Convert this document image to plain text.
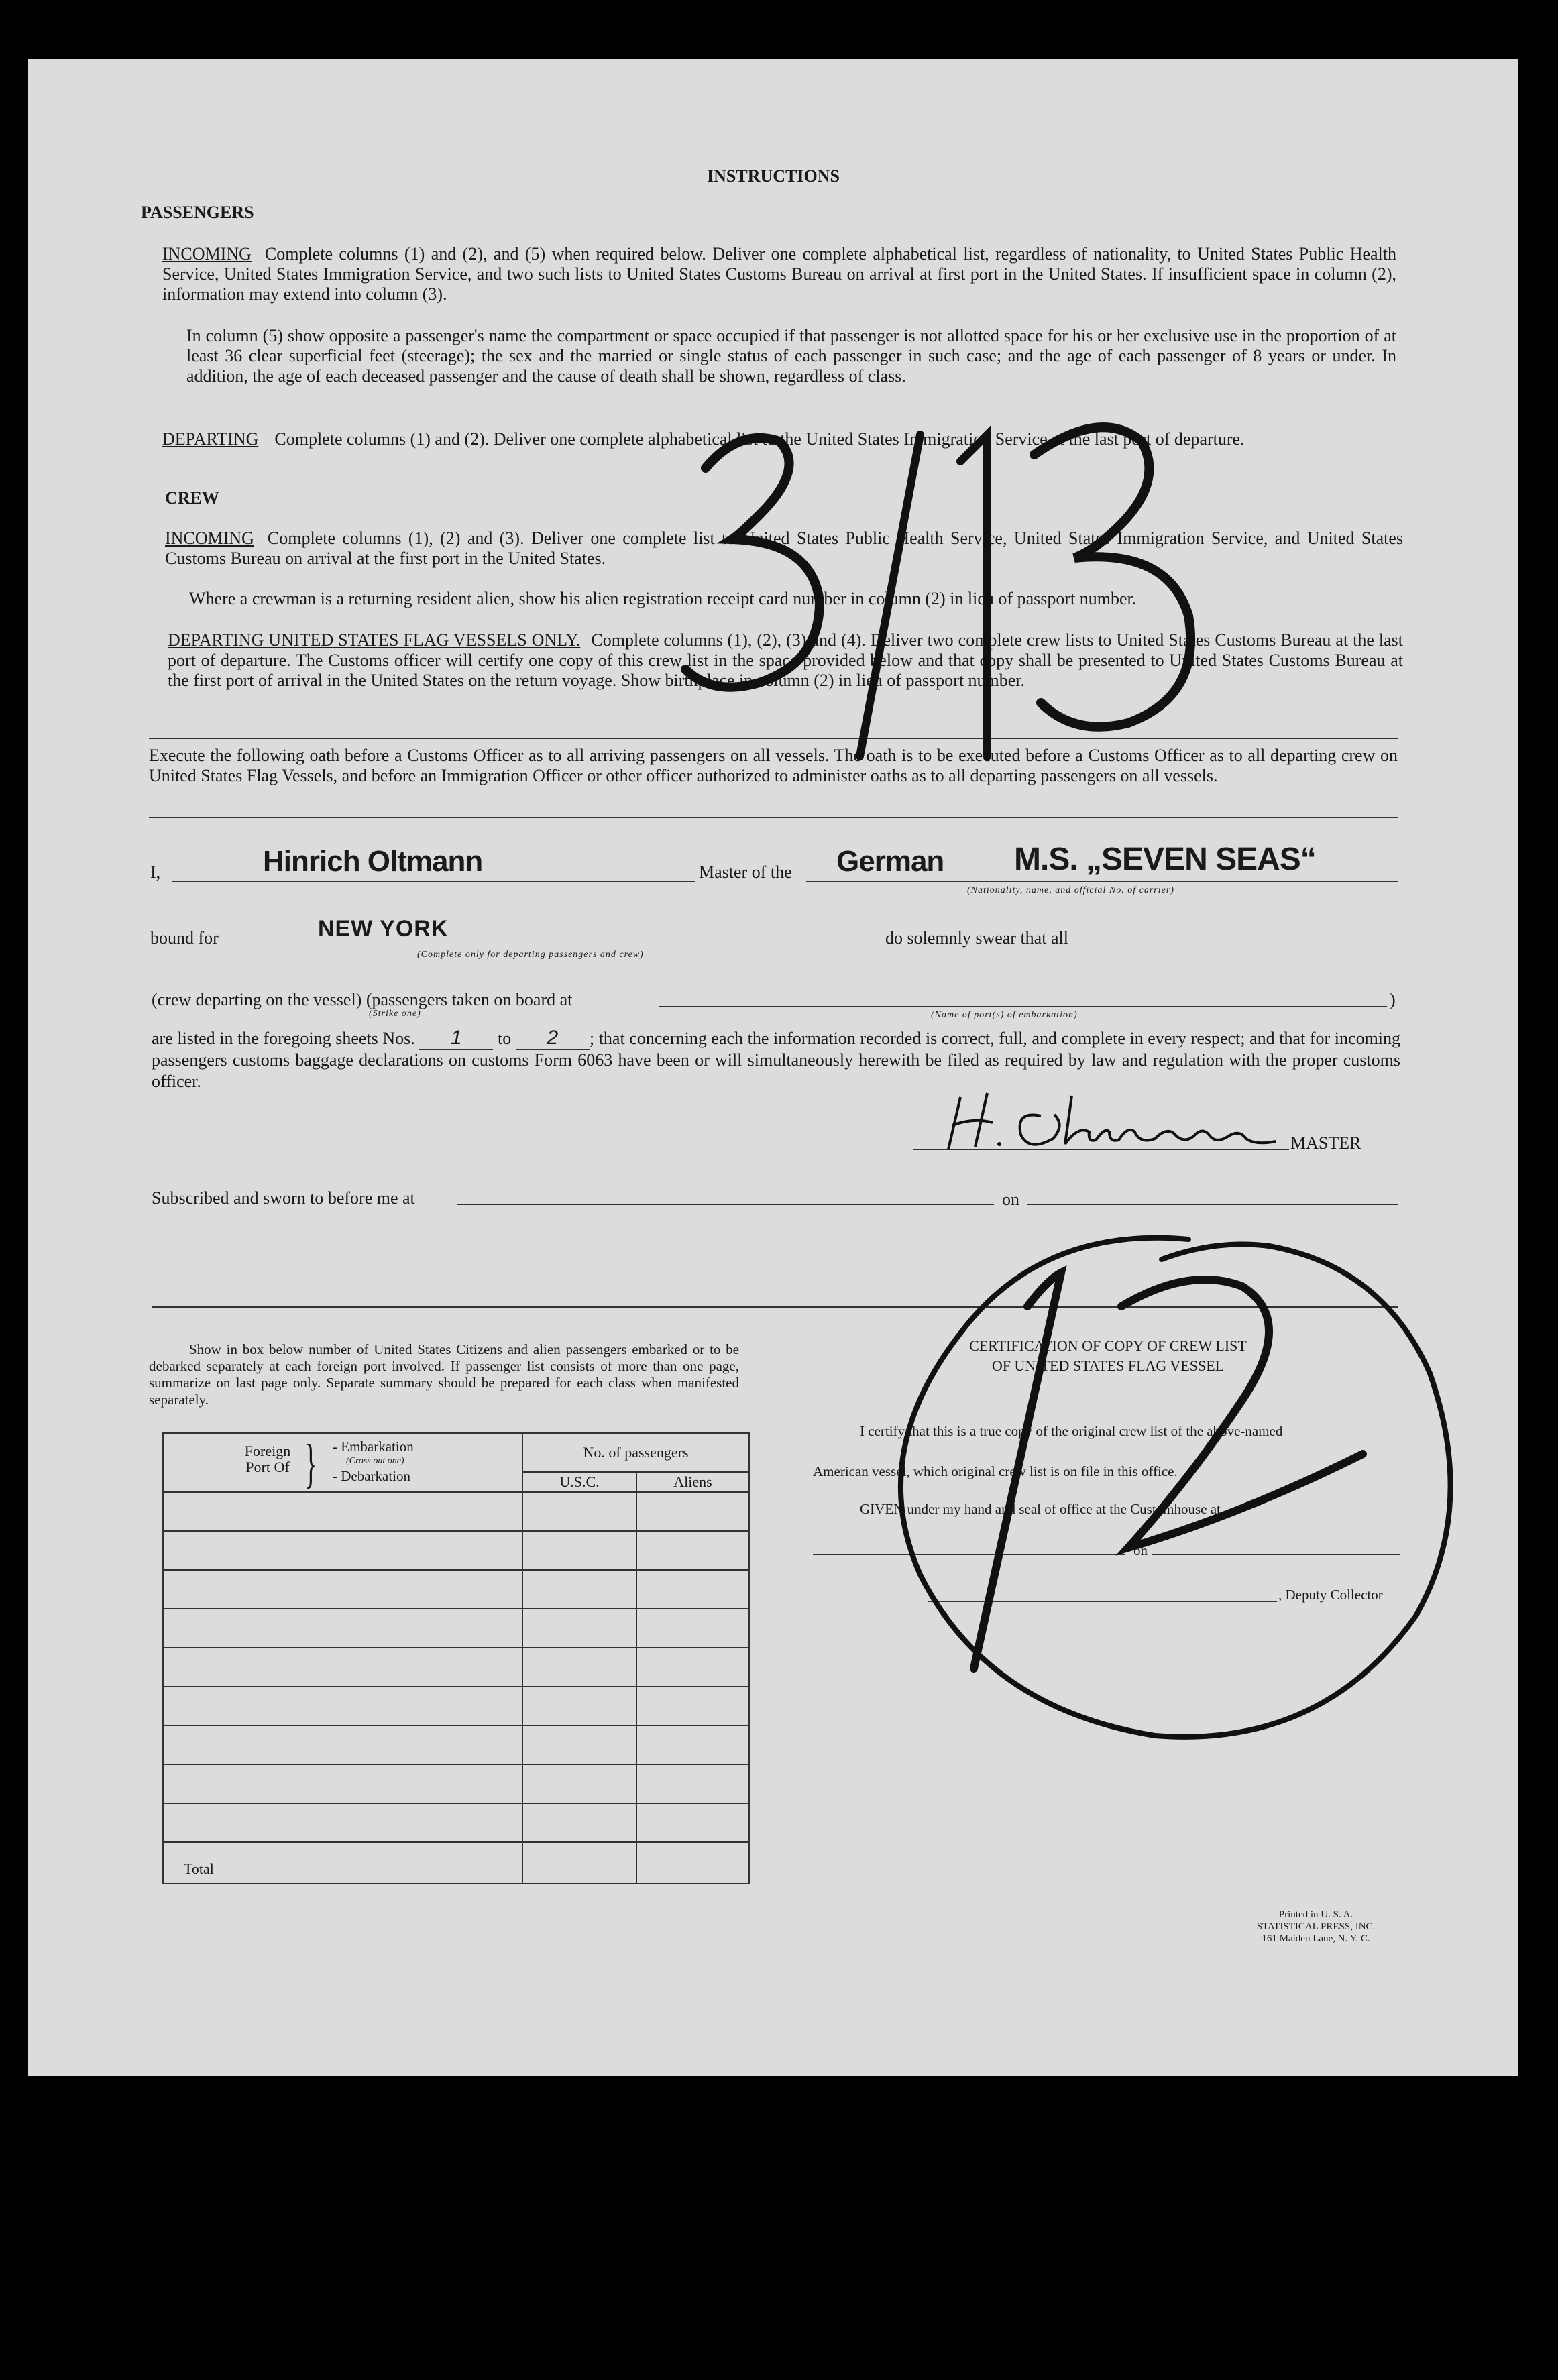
INSTRUCTIONS
PASSENGERS

INCOMING Complete columns (1) and (2), and (5) when required below. Deliver one complete alphabetical list, regardless of nationality, to United States Public Health Service, United States Immigration Service, and two such lists to United States Customs Bureau on arrival at first port in the United States. If insufficient space in column (2), information may extend into column (3).

In column (5) show opposite a passenger's name the compartment or space occupied if that passenger is not allotted space for his or her exclusive use in the proportion of at least 36 clear superficial feet (steerage); the sex and the married or single status of each passenger in such case; and the age of each passenger of 8 years or under. In addition, the age of each deceased passenger and the cause of death shall be shown, regardless of class.

DEPARTING Complete columns (1) and (2). Deliver one complete alphabetical list to the United States Immigration Service at the last port of departure.

CREW

INCOMING Complete columns (1), (2) and (3). Deliver one complete list to United States Public Health Service, United States Immigration Service, and United States Customs Bureau on arrival at the first port in the United States.

Where a crewman is a returning resident alien, show his alien registration receipt card number in column (2) in lieu of passport number.

DEPARTING UNITED STATES FLAG VESSELS ONLY. Complete columns (1), (2), (3) and (4). Deliver two complete crew lists to United States Customs Bureau at the last port of departure. The Customs officer will certify one copy of this crew list in the space provided below and that copy shall be presented to United States Customs Bureau at the first port of arrival in the United States on the return voyage. Show birthplace in column (2) in lieu of passport number.

Execute the following oath before a Customs Officer as to all arriving passengers on all vessels. The oath is to be executed before a Customs Officer as to all departing crew on United States Flag Vessels, and before an Immigration Officer or other officer authorized to administer oaths as to all departing passengers on all vessels.

I,	Hinrich Oltmann	Master of the German M.S. „SEVEN SEAS“
(Nationality, name, and official No. of carrier)
bound for	NEW YORK
(Complete only for departing passengers and crew)
do solemnly swear that all
(crew departing on the vessel) (passengers taken on board at	)
(Strike one)	(Name of port(s) of embarkation)

are listed in the foregoing sheets Nos. 1 to 2 ; that concerning each the information recorded is correct, full, and complete in every respect; and that for incoming passengers customs baggage declarations on customs Form 6063 have been or will simultaneously herewith be filed as required by law and regulation with the proper customs officer.

MASTER
Subscribed and sworn to before me at	on

Show in box below number of United States Citizens and alien passengers embarked or to be debarked separately at each foreign port involved. If passenger list consists of more than one page, summarize on last page only. Separate summary should be prepared for each class when manifested separately.

Foreign Port Of } - Embarkation
(Cross out one)
- Debarkation	No. of passengers	
	U.S.C.	Aliens

Total		
CERTIFICATION OF COPY OF CREW LIST
OF UNITED STATES FLAG VESSEL
I certify that this is a true copy of the original crew list of the above-named
American vessel, which original crew list is on file in this office.
GIVEN under my hand and seal of office at the Customhouse at
on
, Deputy Collector
Printed in U. S. A.
STATISTICAL PRESS, INC.
161 Maiden Lane, N. Y. C.
